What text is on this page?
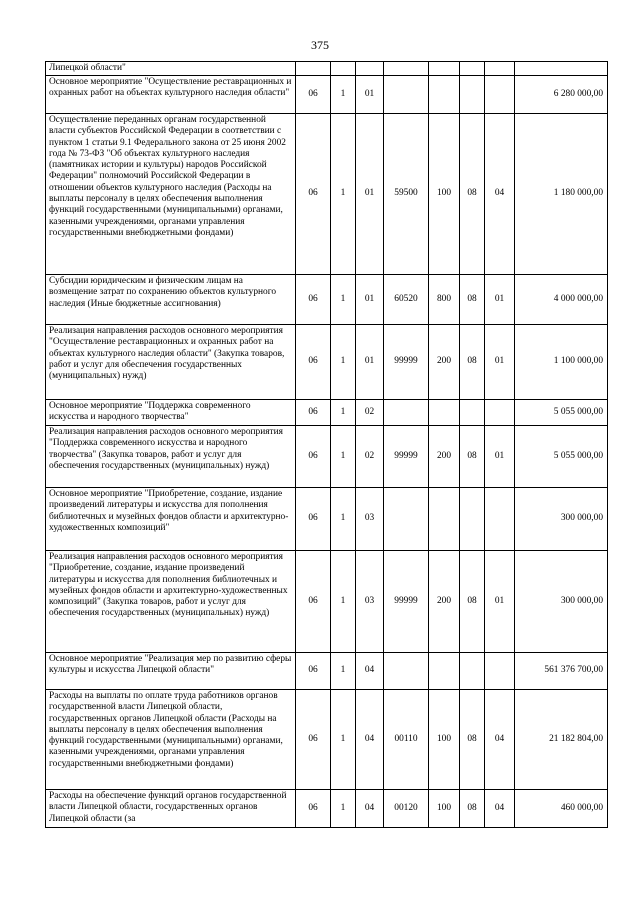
375
Липецкой области"								
Основное мероприятие "Осуществление реставрационных и охранных работ на объектах культурного наследия области"	06	1	01					6 280 000,00
Осуществление переданных органам государственной власти субъектов Российской Федерации в соответствии с пунктом 1 статьи 9.1 Федерального закона от 25 июня 2002 года № 73-ФЗ "Об объектах культурного наследия (памятниках истории и культуры) народов Российской Федерации" полномочий Российской Федерации в отношении объектов культурного наследия (Расходы на выплаты персоналу в целях обеспечения выполнения функций государственными (муниципальными) органами, казенными учреждениями, органами управления государственными внебюджетными фондами)	06	1	01	59500	100	08	04	1 180 000,00
Субсидии юридическим и физическим лицам на возмещение затрат по сохранению объектов культурного наследия (Иные бюджетные ассигнования)	06	1	01	60520	800	08	01	4 000 000,00
Реализация направления расходов основного мероприятия "Осуществление реставрационных и охранных работ на объектах культурного наследия области" (Закупка товаров, работ и услуг для обеспечения государственных (муниципальных) нужд)	06	1	01	99999	200	08	01	1 100 000,00
Основное мероприятие "Поддержка современного искусства и народного творчества"	06	1	02					5 055 000,00
Реализация направления расходов основного мероприятия "Поддержка современного искусства и народного творчества" (Закупка товаров, работ и услуг для обеспечения государственных (муниципальных) нужд)	06	1	02	99999	200	08	01	5 055 000,00
Основное мероприятие "Приобретение, создание, издание произведений литературы и искусства для пополнения библиотечных и музейных фондов области и архитектурно-художественных композиций"	06	1	03					300 000,00
Реализация направления расходов основного мероприятия "Приобретение, создание, издание произведений литературы и искусства для пополнения библиотечных и музейных фондов области и архитектурно-художественных композиций" (Закупка товаров, работ и услуг для обеспечения государственных (муниципальных) нужд)	06	1	03	99999	200	08	01	300 000,00
Основное мероприятие "Реализация мер по развитию сферы культуры и искусства Липецкой области"	06	1	04					561 376 700,00
Расходы на выплаты по оплате труда работников органов государственной власти Липецкой области, государственных органов Липецкой области (Расходы на выплаты персоналу в целях обеспечения выполнения функций государственными (муниципальными) органами, казенными учреждениями, органами управления государственными внебюджетными фондами)	06	1	04	00110	100	08	04	21 182 804,00
Расходы на обеспечение функций органов государственной власти Липецкой области, государственных органов Липецкой области (за	06	1	04	00120	100	08	04	460 000,00
